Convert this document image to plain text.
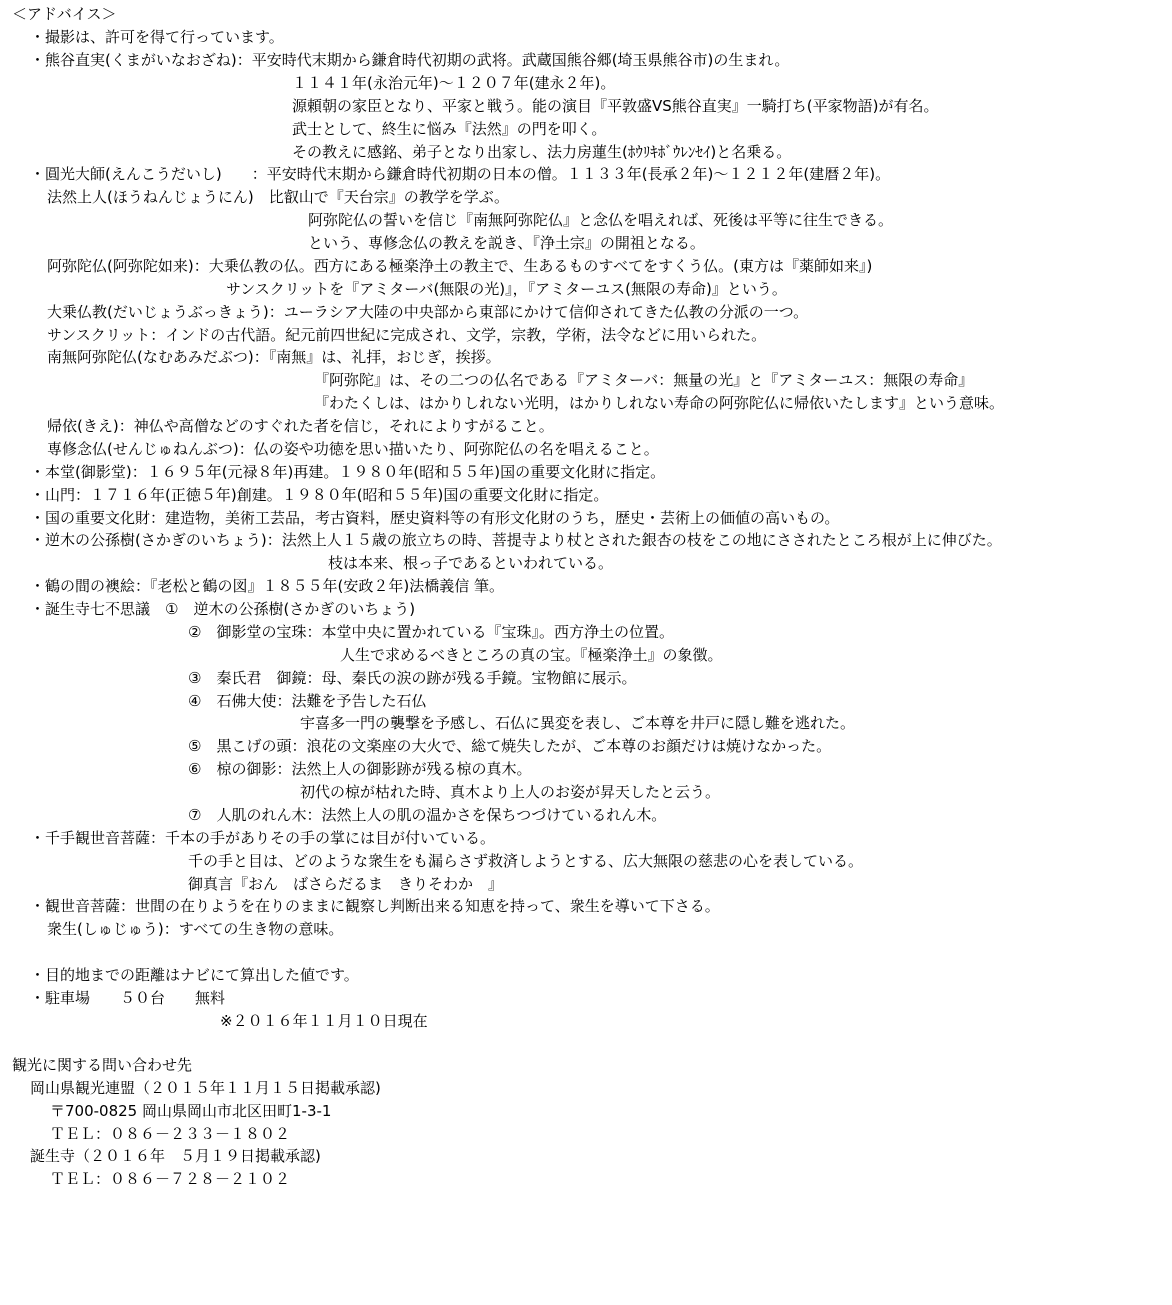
＜アドバイス＞
・撮影は、許可を得て行っています。
・熊谷直実(くまがいなおざね)：平安時代末期から鎌倉時代初期の武将。武蔵国熊谷郷(埼玉県熊谷市)の生まれ。
１１４１年(永治元年)～１２０７年(建永２年)。
源頼朝の家臣となり、平家と戦う。能の演目『平敦盛VS熊谷直実』一騎打ち(平家物語)が有名。
武士として、終生に悩み『法然』の門を叩く。
その教えに感銘、弟子となり出家し、法力房蓮生(ﾎｳﾘｷﾎﾞｳﾚﾝｾｲ)と名乗る。
・圓光大師(えんこうだいし)　　：平安時代末期から鎌倉時代初期の日本の僧。１１３３年(長承２年)～１２１２年(建暦２年)。
法然上人(ほうねんじょうにん)　比叡山で『天台宗』の教学を学ぶ。
阿弥陀仏の誓いを信じ『南無阿弥陀仏』と念仏を唱えれば、死後は平等に往生できる。
という、専修念仏の教えを説き、『浄土宗』の開祖となる。
阿弥陀仏(阿弥陀如来)：大乗仏教の仏。西方にある極楽浄土の教主で、生あるものすべてをすくう仏。(東方は『薬師如来』)
サンスクリットを『アミターバ(無限の光)』，『アミターユス(無限の寿命)』という。
大乗仏教(だいじょうぶっきょう)：ユーラシア大陸の中央部から東部にかけて信仰されてきた仏教の分派の一つ。
サンスクリット：インドの古代語。紀元前四世紀に完成され、文学，宗教，学術，法令などに用いられた。
南無阿弥陀仏(なむあみだぶつ)：『南無』は、礼拝，おじぎ，挨拶。
『阿弥陀』は、その二つの仏名である『アミターバ：無量の光』と『アミターユス：無限の寿命』
『わたくしは、はかりしれない光明，はかりしれない寿命の阿弥陀仏に帰依いたします』という意味。
帰依(きえ)：神仏や高僧などのすぐれた者を信じ，それによりすがること。
専修念仏(せんじゅねんぶつ)：仏の姿や功徳を思い描いたり、阿弥陀仏の名を唱えること。
・本堂(御影堂)：１６９５年(元禄８年)再建。１９８０年(昭和５５年)国の重要文化財に指定。
・山門：１７１６年(正徳５年)創建。１９８０年(昭和５５年)国の重要文化財に指定。
・国の重要文化財：建造物，美術工芸品，考古資料，歴史資料等の有形文化財のうち，歴史・芸術上の価値の高いもの。
・逆木の公孫樹(さかぎのいちょう)：法然上人１５歳の旅立ちの時、菩提寺より杖とされた銀杏の枝をこの地にさされたところ根が上に伸びた。
枝は本来、根っ子であるといわれている。
・鶴の間の襖絵：『老松と鶴の図』１８５５年(安政２年)法橋義信 筆。
・誕生寺七不思議　①　逆木の公孫樹(さかぎのいちょう)
②　御影堂の宝珠：本堂中央に置かれている『宝珠』。西方浄土の位置。
人生で求めるべきところの真の宝。『極楽浄土』の象徴。
③　秦氏君　御鏡：母、秦氏の涙の跡が残る手鏡。宝物館に展示。
④　石佛大使：法難を予告した石仏
宇喜多一門の襲撃を予感し、石仏に異変を表し、ご本尊を井戸に隠し難を逃れた。
⑤　黒こげの頭：浪花の文楽座の大火で、総て焼失したが、ご本尊のお顔だけは焼けなかった。
⑥　椋の御影：法然上人の御影跡が残る椋の真木。
初代の椋が枯れた時、真木より上人のお姿が昇天したと云う。
⑦　人肌のれん木：法然上人の肌の温かさを保ちつづけているれん木。
・千手観世音菩薩：千本の手がありその手の掌には目が付いている。
千の手と目は、どのような衆生をも漏らさず救済しようとする、広大無限の慈悲の心を表している。
御真言『おん　ばさらだるま　きりそわか　』
・観世音菩薩：世間の在りようを在りのままに観察し判断出来る知恵を持って、衆生を導いて下さる。
衆生(しゅじゅう)：すべての生き物の意味。
・目的地までの距離はナビにて算出した値です。
・駐車場　　５０台　　無料
※２０１６年１１月１０日現在
観光に関する問い合わせ先
岡山県観光連盟（２０１５年１１月１５日掲載承認)
〒700-0825 岡山県岡山市北区田町1-3-1
ＴＥＬ：０８６－２３３－１８０２
誕生寺（２０１６年　５月１９日掲載承認)
ＴＥＬ：０８６－７２８－２１０２
